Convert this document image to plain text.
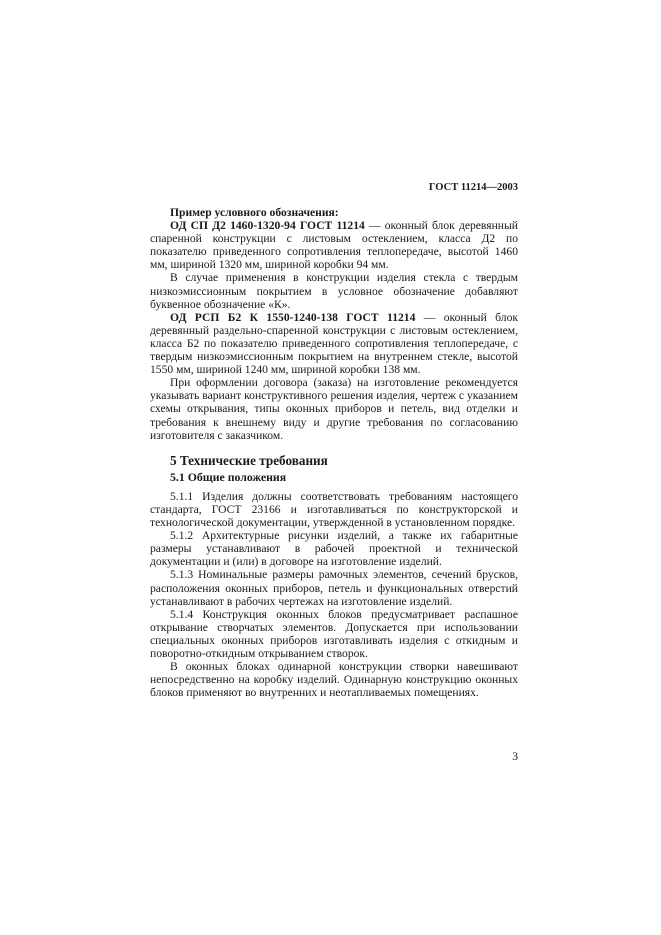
ГОСТ 11214—2003

Пример условного обозначения:

ОД СП Д2 1460-1320-94 ГОСТ 11214 — оконный блок деревянный спаренной конструкции с листовым остеклением, класса Д2 по показателю приведенного сопротивления теплопередаче, высотой 1460 мм, шириной 1320 мм, шириной коробки 94 мм.

В случае применения в конструкции изделия стекла с твердым низкоэмиссионным покрытием в условное обозначение добавляют буквенное обозначение «К».

ОД РСП Б2 К 1550-1240-138 ГОСТ 11214 — оконный блок деревянный раздельно-спаренной конструкции с листовым остеклением, класса Б2 по показателю приведенного сопротивления теплопередаче, с твердым низкоэмиссионным покрытием на внутреннем стекле, высотой 1550 мм, шириной 1240 мм, шириной коробки 138 мм.

При оформлении договора (заказа) на изготовление рекомендуется указывать вариант конструктивного решения изделия, чертеж с указанием схемы открывания, типы оконных приборов и петель, вид отделки и требования к внешнему виду и другие требования по согласованию изготовителя с заказчиком.

5 Технические требования
5.1 Общие положения

5.1.1 Изделия должны соответствовать требованиям настоящего стандарта, ГОСТ 23166 и изготавливаться по конструкторской и технологической документации, утвержденной в установленном порядке.

5.1.2 Архитектурные рисунки изделий, а также их габаритные размеры устанавливают в рабочей проектной и технической документации и (или) в договоре на изготовление изделий.

5.1.3 Номинальные размеры рамочных элементов, сечений брусков, расположения оконных приборов, петель и функциональных отверстий устанавливают в рабочих чертежах на изготовление изделий.

5.1.4 Конструкция оконных блоков предусматривает распашное открывание створчатых элементов. Допускается при использовании специальных оконных приборов изготавливать изделия с откидным и поворотно-откидным открыванием створок.

В оконных блоках одинарной конструкции створки навешивают непосредственно на коробку изделий. Одинарную конструкцию оконных блоков применяют во внутренних и неотапливаемых помещениях.

3
